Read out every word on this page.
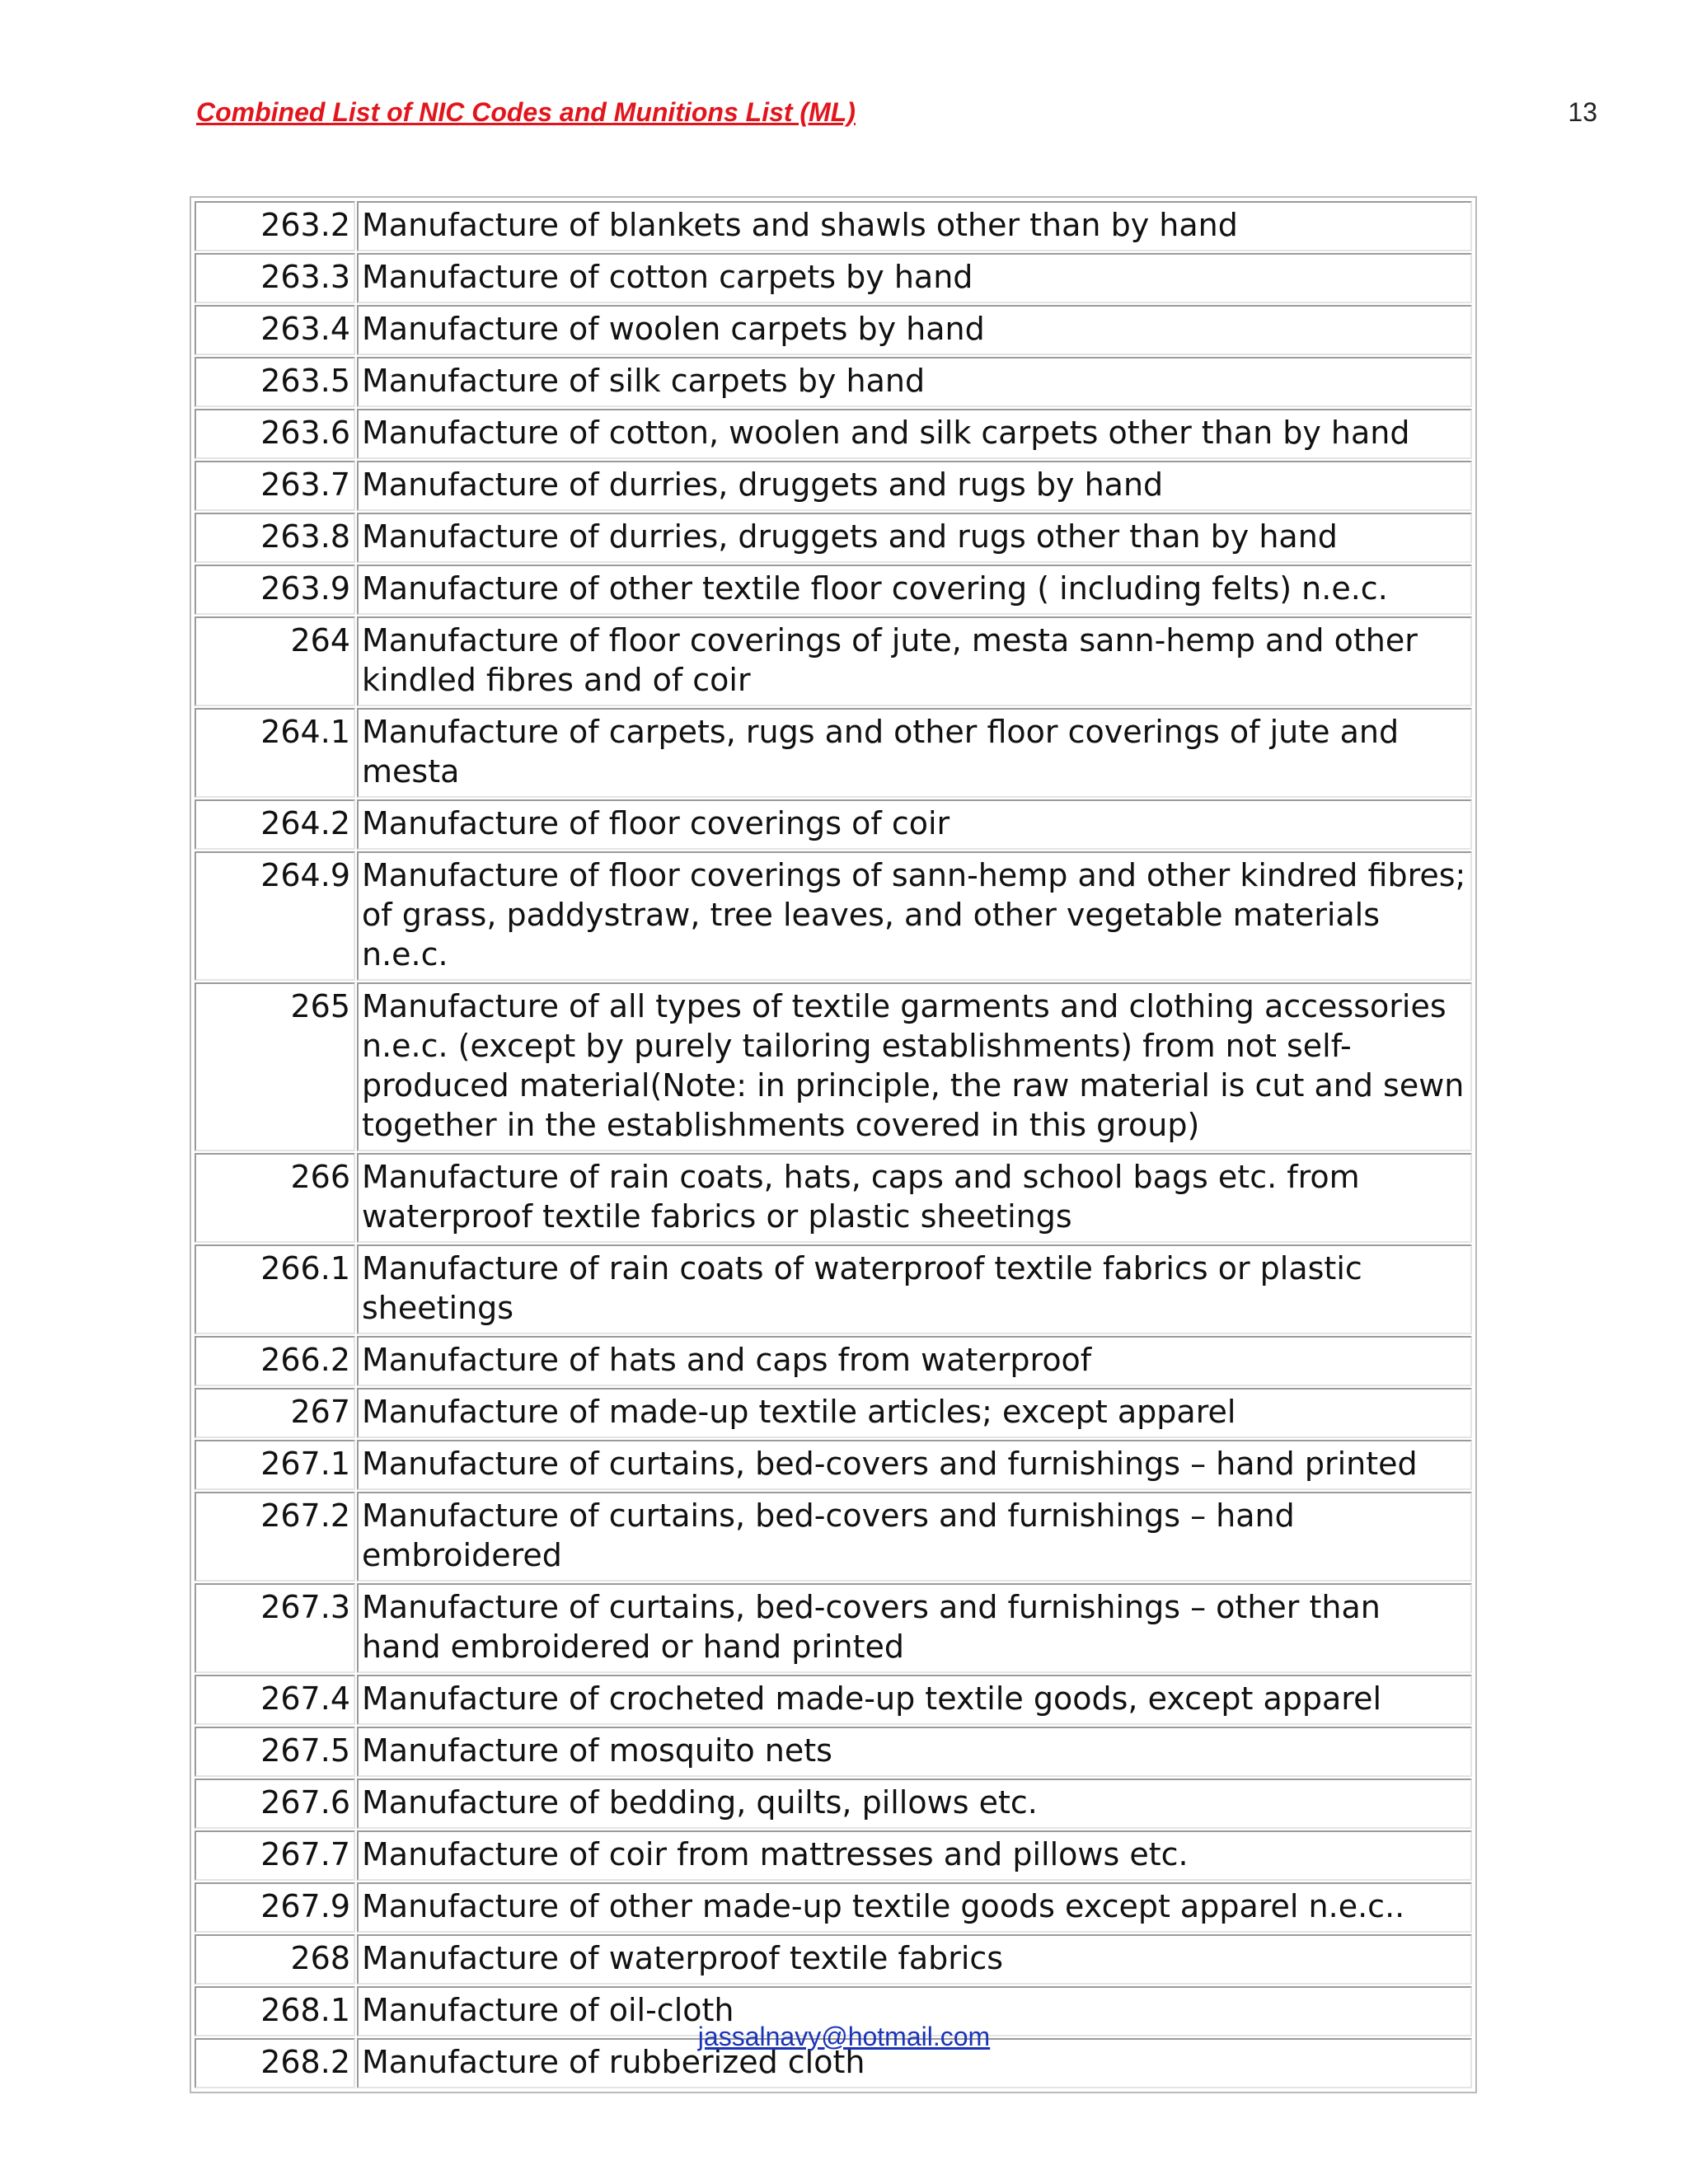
Combined List of NIC Codes and Munitions List (ML)	13
263.2	Manufacture of blankets and shawls other than by hand
263.3	Manufacture of cotton carpets by hand
263.4	Manufacture of woolen carpets by hand
263.5	Manufacture of silk carpets by hand
263.6	Manufacture of cotton, woolen and silk carpets other than by hand
263.7	Manufacture of durries, druggets and rugs by hand
263.8	Manufacture of durries, druggets and rugs other than by hand
263.9	Manufacture of other textile floor covering ( including felts) n.e.c.
264	Manufacture of floor coverings of jute, mesta sann-hemp and other kindled fibres and of coir
264.1	Manufacture of carpets, rugs and other floor coverings of jute and mesta
264.2	Manufacture of floor coverings of coir
264.9	Manufacture of floor coverings of sann-hemp and other kindred fibres; of grass, paddystraw, tree leaves, and other vegetable materials n.e.c.
265	Manufacture of all types of textile garments and clothing accessories n.e.c. (except by purely tailoring establishments) from not self-produced material(Note: in principle, the raw material is cut and sewn together in the establishments covered in this group)
266	Manufacture of rain coats, hats, caps and school bags etc. from waterproof textile fabrics or plastic sheetings
266.1	Manufacture of rain coats of waterproof textile fabrics or plastic sheetings
266.2	Manufacture of hats and caps from waterproof
267	Manufacture of made-up textile articles; except apparel
267.1	Manufacture of curtains, bed-covers and furnishings – hand printed
267.2	Manufacture of curtains, bed-covers and furnishings – hand embroidered
267.3	Manufacture of curtains, bed-covers and furnishings – other than hand embroidered or hand printed
267.4	Manufacture of crocheted made-up textile goods, except apparel
267.5	Manufacture of mosquito nets
267.6	Manufacture of bedding, quilts, pillows etc.
267.7	Manufacture of coir from mattresses and pillows etc.
267.9	Manufacture of other made-up textile goods except apparel n.e.c..
268	Manufacture of waterproof textile fabrics
268.1	Manufacture of oil-cloth
268.2	Manufacture of rubberized cloth
jassalnavy@hotmail.com
